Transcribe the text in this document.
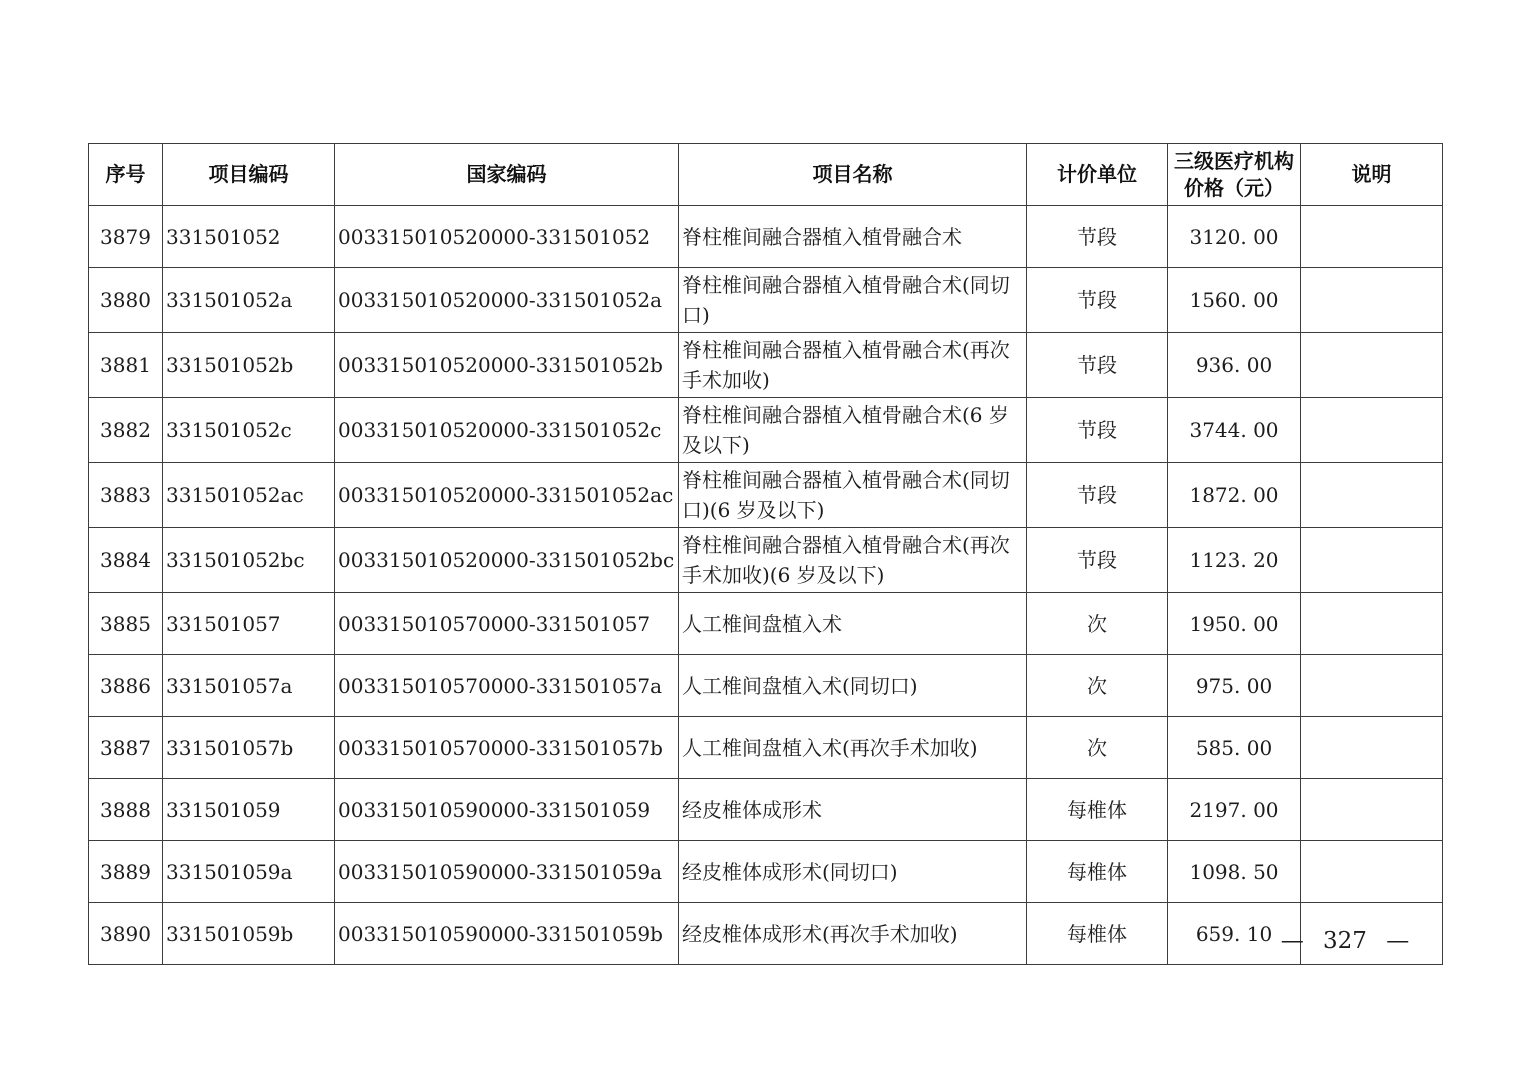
序号	项目编码	国家编码	项目名称	计价单位	三级医疗机构价格（元）	说明
3879	331501052	003315010520000-331501052	脊柱椎间融合器植入植骨融合术	节段	3120. 00	
3880	331501052a	003315010520000-331501052a	脊柱椎间融合器植入植骨融合术(同切口)	节段	1560. 00	
3881	331501052b	003315010520000-331501052b	脊柱椎间融合器植入植骨融合术(再次手术加收)	节段	936. 00	
3882	331501052c	003315010520000-331501052c	脊柱椎间融合器植入植骨融合术(6 岁及以下)	节段	3744. 00	
3883	331501052ac	003315010520000-331501052ac	脊柱椎间融合器植入植骨融合术(同切口)(6 岁及以下)	节段	1872. 00	
3884	331501052bc	003315010520000-331501052bc	脊柱椎间融合器植入植骨融合术(再次手术加收)(6 岁及以下)	节段	1123. 20	
3885	331501057	003315010570000-331501057	人工椎间盘植入术	次	1950. 00	
3886	331501057a	003315010570000-331501057a	人工椎间盘植入术(同切口)	次	975. 00	
3887	331501057b	003315010570000-331501057b	人工椎间盘植入术(再次手术加收)	次	585. 00	
3888	331501059	003315010590000-331501059	经皮椎体成形术	每椎体	2197. 00	
3889	331501059a	003315010590000-331501059a	经皮椎体成形术(同切口)	每椎体	1098. 50	
3890	331501059b	003315010590000-331501059b	经皮椎体成形术(再次手术加收)	每椎体	659. 10	— 327 —
